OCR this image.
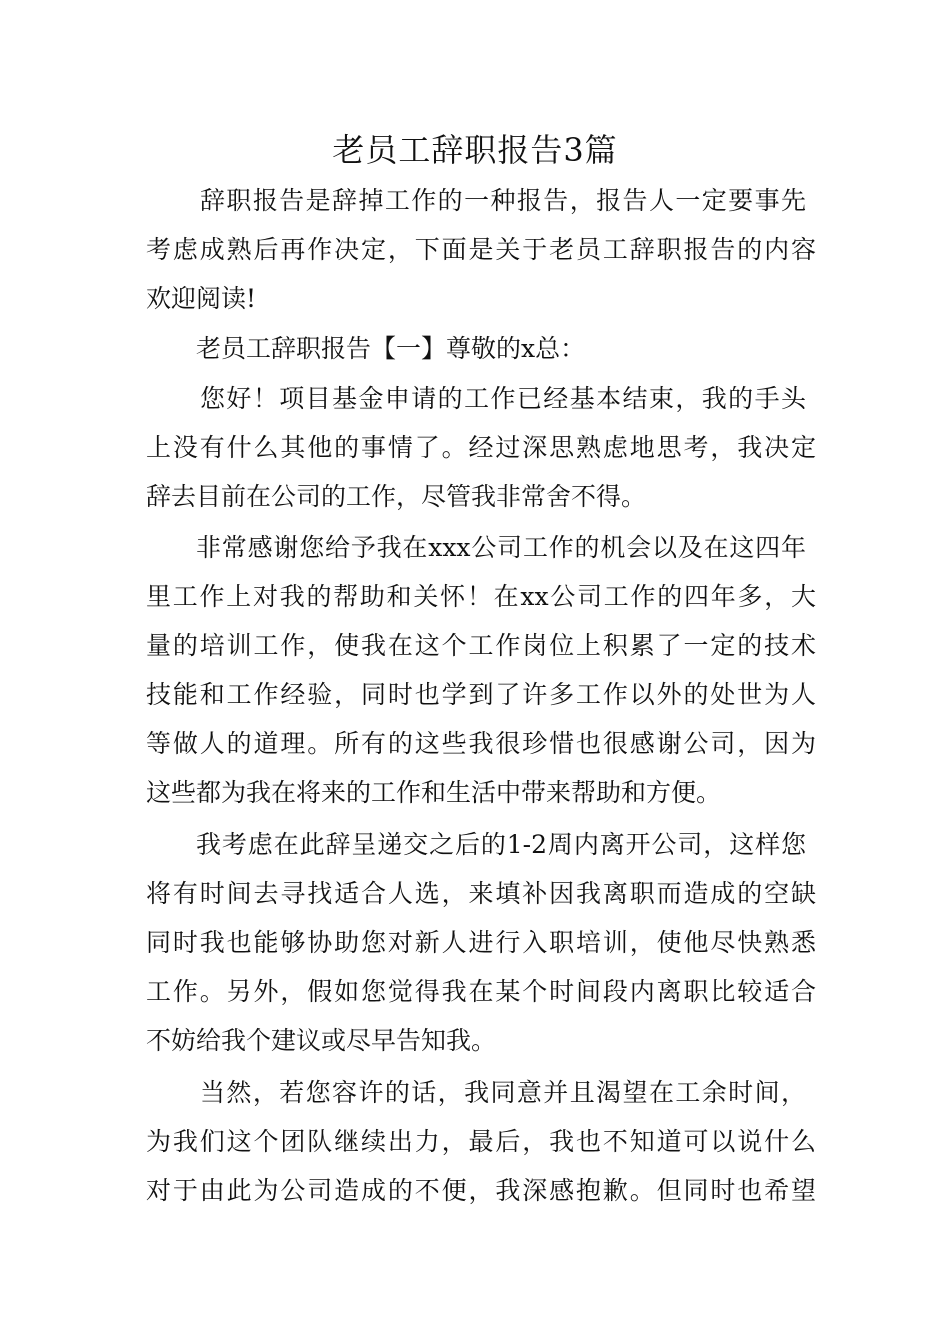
老员工辞职报告3篇
辞职报告是辞掉工作的一种报告，报告人一定要事先
考虑成熟后再作决定，下面是关于老员工辞职报告的内容
欢迎阅读!
老员工辞职报告【一】尊敬的x总：
您好！项目基金申请的工作已经基本结束，我的手头
上没有什么其他的事情了。经过深思熟虑地思考，我决定
辞去目前在公司的工作，尽管我非常舍不得。
非常感谢您给予我在xxx公司工作的机会以及在这四年
里工作上对我的帮助和关怀！在xx公司工作的四年多，大
量的培训工作，使我在这个工作岗位上积累了一定的技术
技能和工作经验，同时也学到了许多工作以外的处世为人
等做人的道理。所有的这些我很珍惜也很感谢公司，因为
这些都为我在将来的工作和生活中带来帮助和方便。
我考虑在此辞呈递交之后的1-2周内离开公司，这样您
将有时间去寻找适合人选，来填补因我离职而造成的空缺
同时我也能够协助您对新人进行入职培训，使他尽快熟悉
工作。另外，假如您觉得我在某个时间段内离职比较适合
不妨给我个建议或尽早告知我。
当然，若您容许的话，我同意并且渴望在工余时间，
为我们这个团队继续出力，最后，我也不知道可以说什么
对于由此为公司造成的不便，我深感抱歉。但同时也希望
